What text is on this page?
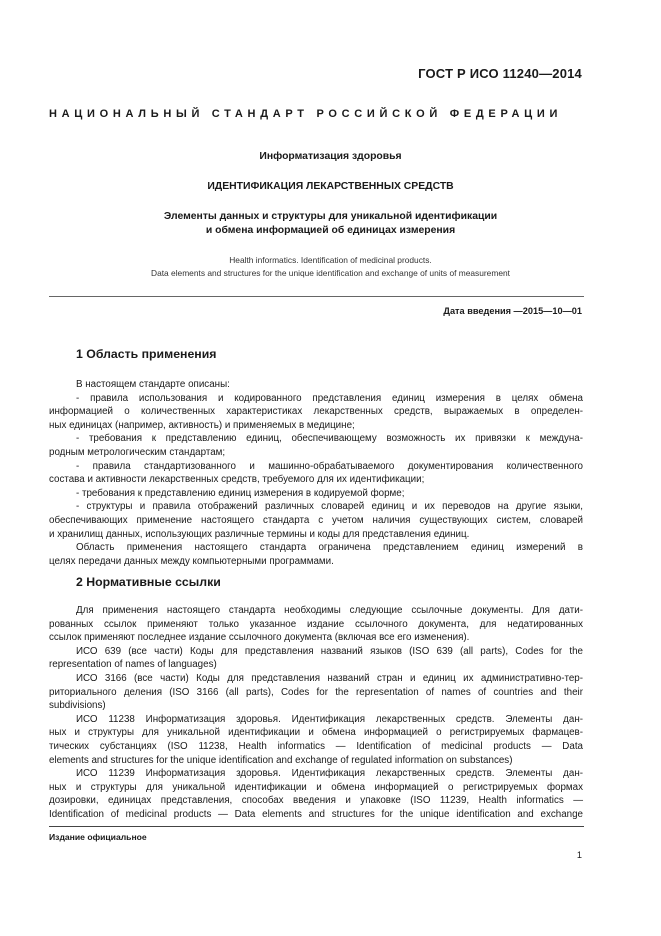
ГОСТ Р ИСО 11240—2014
НАЦИОНАЛЬНЫЙ СТАНДАРТ РОССИЙСКОЙ ФЕДЕРАЦИИ
Информатизация здоровья
ИДЕНТИФИКАЦИЯ ЛЕКАРСТВЕННЫХ СРЕДСТВ
Элементы данных и структуры для уникальной идентификации
и обмена информацией об единицах измерения
Health informatics. Identification of medicinal products.
Data elements and structures for the unique identification and exchange of units of measurement
Дата введения —2015—10—01
1 Область применения

В настоящем стандарте описаны:

- правила использования и кодированного представления единиц измерения в целях обмена

информацией о количественных характеристиках лекарственных средств, выражаемых в определен-

ных единицах (например, активность) и применяемых в медицине;

- требования к представлению единиц, обеспечивающему возможность их привязки к междуна-

родным метрологическим стандартам;

- правила стандартизованного и машинно-обрабатываемого документирования количественного

состава и активности лекарственных средств, требуемого для их идентификации;

- требования к представлению единиц измерения в кодируемой форме;

- структуры и правила отображений различных словарей единиц и их переводов на другие языки,

обеспечивающих применение настоящего стандарта с учетом наличия существующих систем, словарей

и хранилищ данных, использующих различные термины и коды для представления единиц.

Область применения настоящего стандарта ограничена представлением единиц измерений в

целях передачи данных между компьютерными программами.

2 Нормативные ссылки

Для применения настоящего стандарта необходимы следующие ссылочные документы. Для дати-

рованных ссылок применяют только указанное издание ссылочного документа, для недатированных

ссылок применяют последнее издание ссылочного документа (включая все его изменения).

ИСО 639 (все части) Коды для представления названий языков (ISO 639 (all parts), Codes for the

representation of names of languages)

ИСО 3166 (все части) Коды для представления названий стран и единиц их административно-тер-

риториального деления (ISO 3166 (all parts), Codes for the representation of names of countries and their

subdivisions)

ИСО 11238 Информатизация здоровья. Идентификация лекарственных средств. Элементы дан-

ных и структуры для уникальной идентификации и обмена информацией о регистрируемых фармацев-

тических субстанциях (ISO 11238, Health informatics — Identification of medicinal products — Data

elements and structures for the unique identification and exchange of regulated information on substances)

ИСО 11239 Информатизация здоровья. Идентификация лекарственных средств. Элементы дан-

ных и структуры для уникальной идентификации и обмена информацией о регистрируемых формах

дозировки, единицах представления, способах введения и упаковке (ISO 11239, Health informatics —

Identification of medicinal products — Data elements and structures for the unique identification and exchange

Издание официальное
1
